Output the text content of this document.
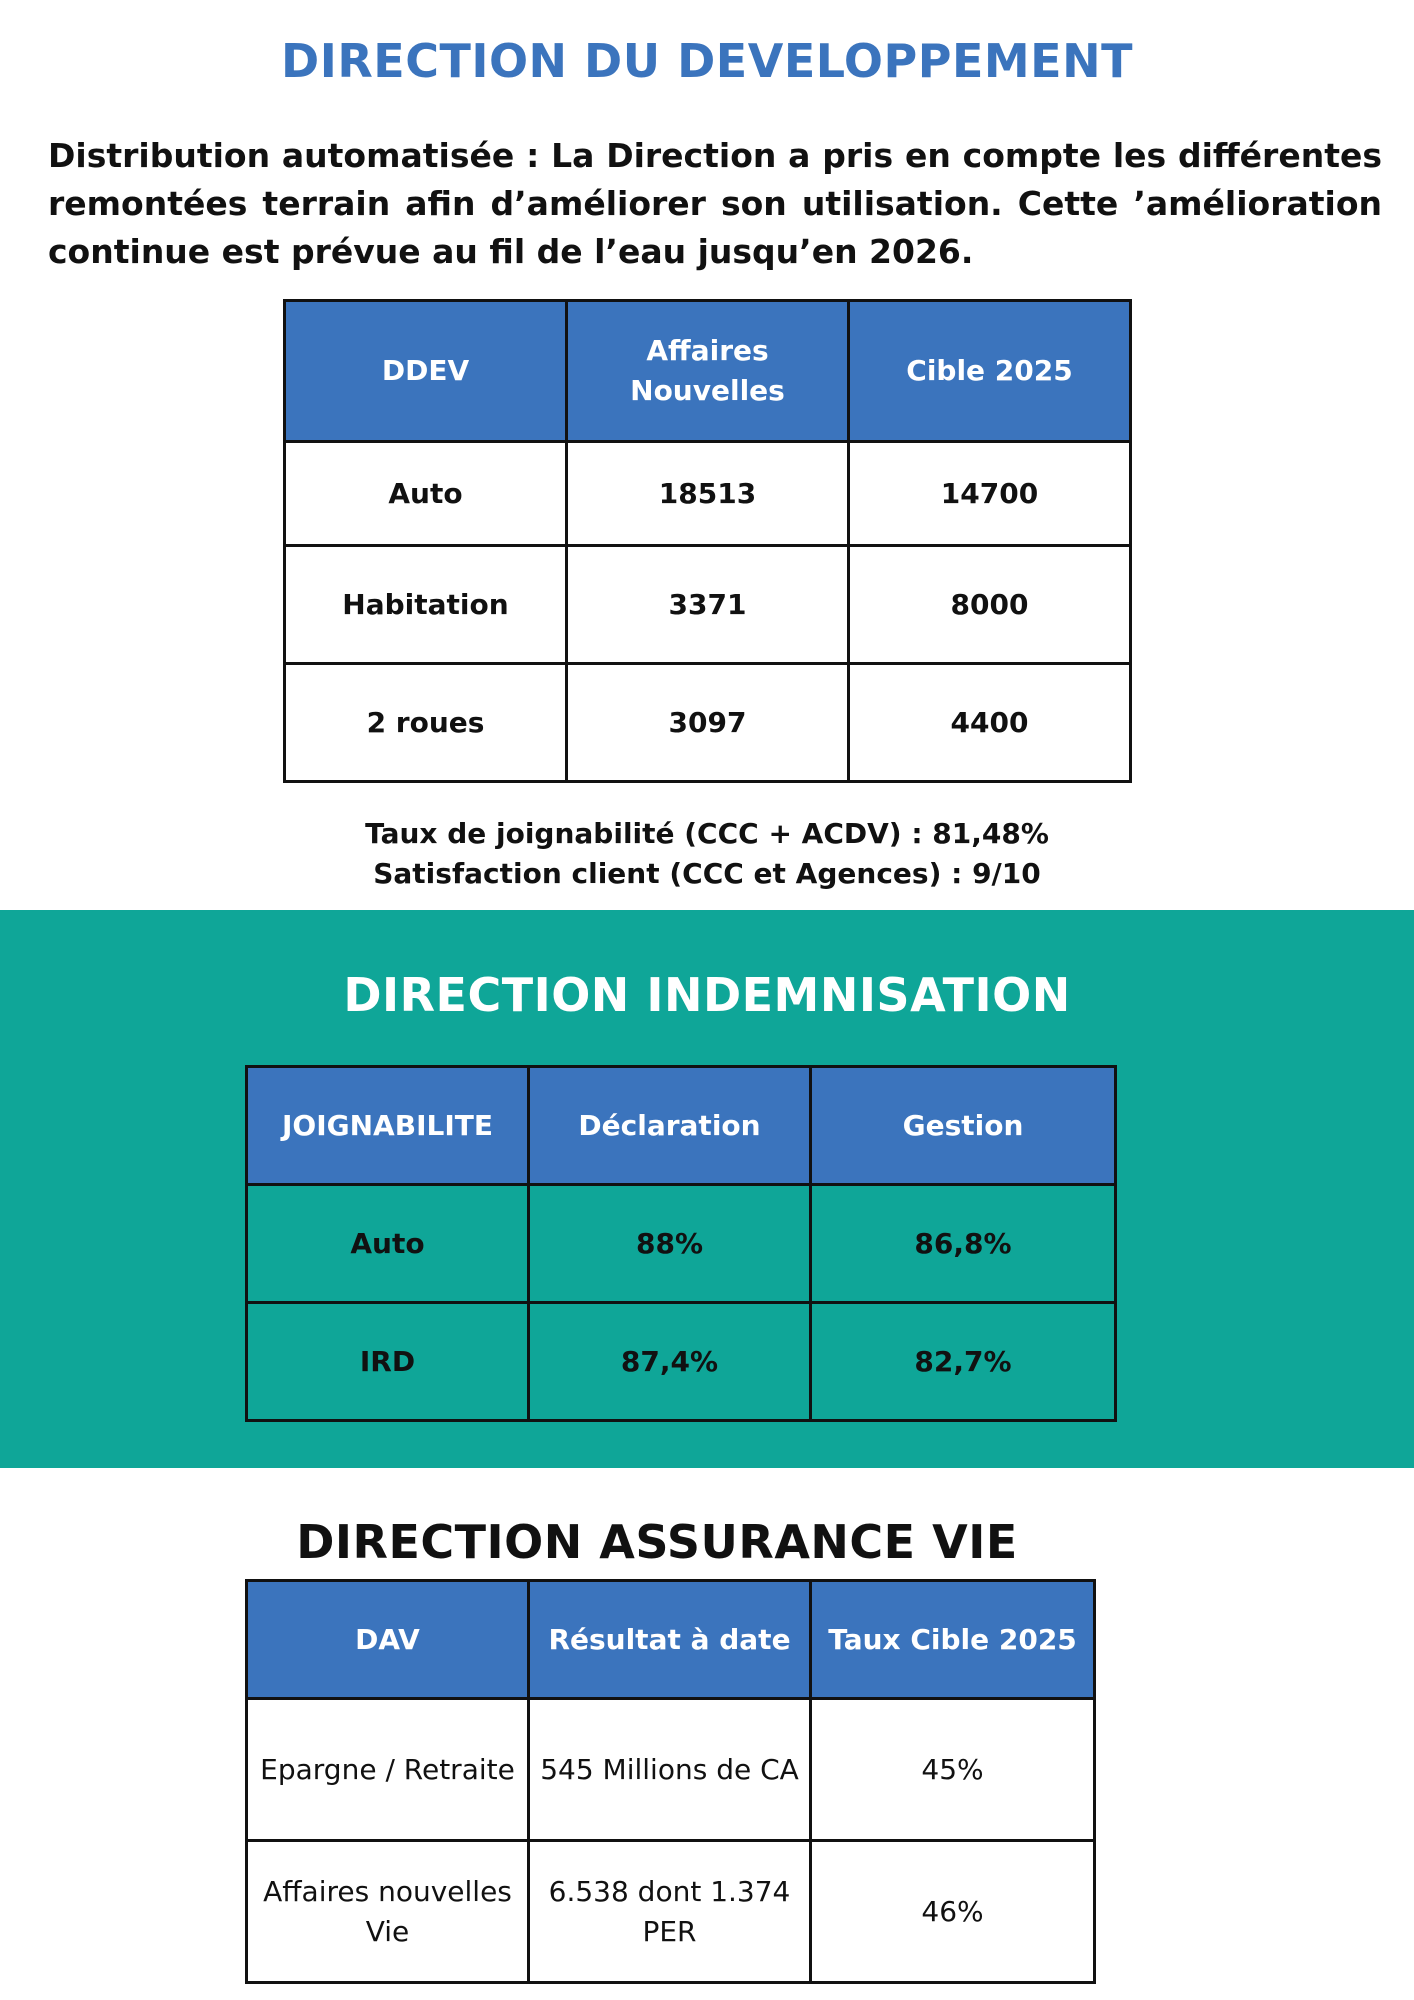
DIRECTION DU DEVELOPPEMENT

Distribution automatisée : La Direction a pris en compte les différentes remontées terrain afin d’améliorer son utilisation. Cette ’amélioration continue est prévue au fil de l’eau jusqu’en 2026.

DDEV	Affaires Nouvelles	Cible 2025
Auto	18513	14700
Habitation	3371	8000
2 roues	3097	4400
Taux de joignabilité (CCC + ACDV) : 81,48%
Satisfaction client (CCC et Agences) : 9/10
DIRECTION INDEMNISATION
JOIGNABILITE	Déclaration	Gestion
Auto	88%	86,8%
IRD	87,4%	82,7%
DIRECTION ASSURANCE VIE
DAV	Résultat à date	Taux Cible 2025
Epargne / Retraite	545 Millions de CA	45%
Affaires nouvelles Vie	6.538 dont 1.374 PER	46%
